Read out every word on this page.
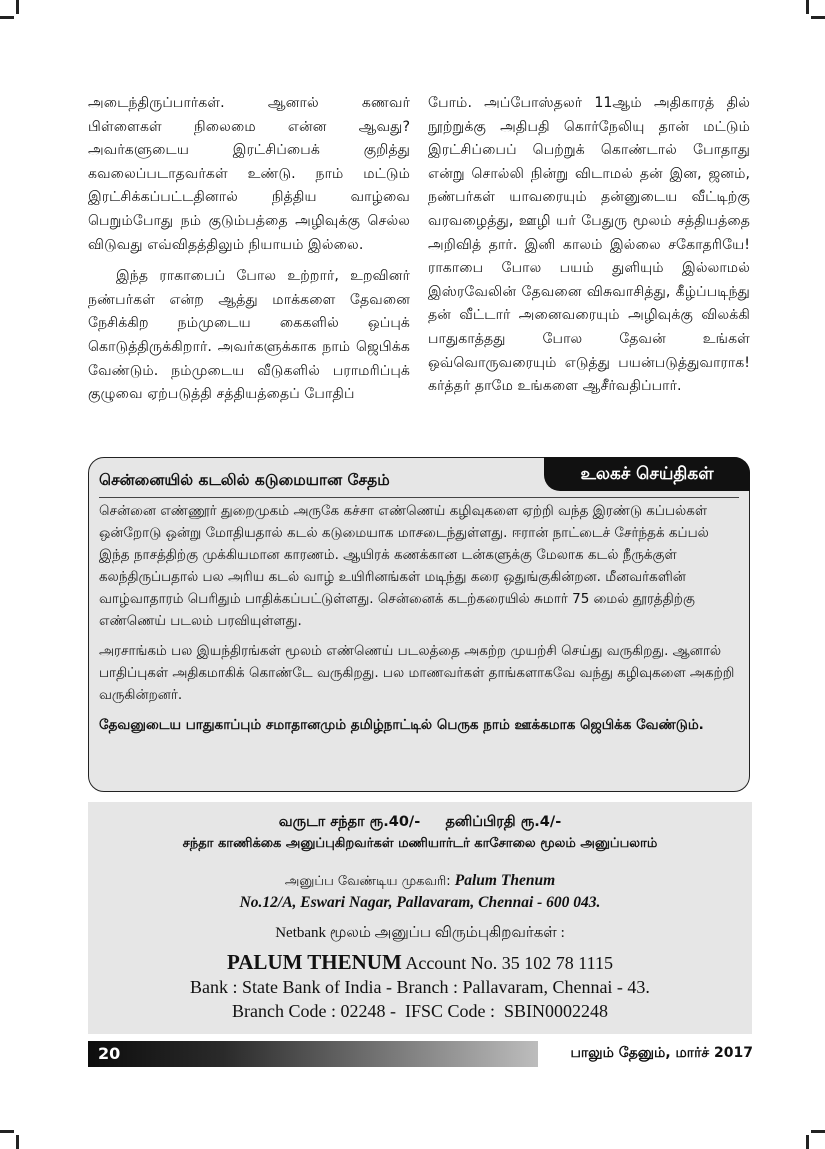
அடைந்திருப்பார்கள். ஆனால் கணவர் பிள்ளைகள் நிலைமை என்ன ஆவது? அவர்களுடைய இரட்சிப்பைக் குறித்து கவலைப்படாதவர்கள் உண்டு. நாம் மட்டும் இரட்சிக்கப்பட்டதினால் நித்திய வாழ்வை பெறும்போது நம் குடும்பத்தை அழிவுக்கு செல்ல விடுவது எவ்விதத்திலும் நியாயம் இல்லை.

இந்த ராகாபைப் போல உற்றார், உறவினர் நண்பர்கள் என்ற ஆத்து மாக்களை தேவனை நேசிக்கிற நம்முடைய கைகளில் ஒப்புக் கொடுத்திருக்கிறார். அவர்களுக்காக நாம் ஜெபிக்க வேண்டும். நம்முடைய வீடுகளில் பராமரிப்புக் குழுவை ஏற்படுத்தி சத்தியத்தைப் போதிப்

போம். அப்போஸ்தலர் 11ஆம் அதிகாரத் தில் நூற்றுக்கு அதிபதி கொர்நேலியு தான் மட்டும் இரட்சிப்பைப் பெற்றுக் கொண்டால் போதாது என்று சொல்லி நின்று விடாமல் தன் இன, ஜனம், நண்பர்கள் யாவரையும் தன்னுடைய வீட்டிற்கு வரவழைத்து, ஊழி யர் பேதுரு மூலம் சத்தியத்தை அறிவித் தார். இனி காலம் இல்லை சகோதரியே! ராகாபை போல பயம் துளியும் இல்லாமல் இஸ்ரவேலின் தேவனை விசுவாசித்து, கீழ்ப்படிந்து தன் வீட்டார் அனைவரையும் அழிவுக்கு விலக்கி பாதுகாத்தது போல தேவன் உங்கள் ஒவ்வொருவரையும் எடுத்து பயன்படுத்துவாராக! கர்த்தர் தாமே உங்களை ஆசீர்வதிப்பார்.

சென்னையில் கடலில் கடுமையான சேதம்	உலகச் செய்திகள்

சென்னை எண்ணூர் துறைமுகம் அருகே கச்சா எண்ணெய் கழிவுகளை ஏற்றி வந்த இரண்டு கப்பல்கள் ஒன்றோடு ஒன்று மோதியதால் கடல் கடுமையாக மாசடைந்துள்ளது. ஈரான் நாட்டைச் சேர்ந்தக் கப்பல் இந்த நாசத்திற்கு முக்கியமான காரணம். ஆயிரக் கணக்கான டன்களுக்கு மேலாக கடல் நீருக்குள் கலந்திருப்பதால் பல அரிய கடல் வாழ் உயிரினங்கள் மடிந்து கரை ஒதுங்குகின்றன. மீனவர்களின் வாழ்வாதாரம் பெரிதும் பாதிக்கப்பட்டுள்ளது. சென்னைக் கடற்கரையில் சுமார் 75 மைல் தூரத்திற்கு எண்ணெய் படலம் பரவியுள்ளது.

அரசாங்கம் பல இயந்திரங்கள் மூலம் எண்ணெய் படலத்தை அகற்ற முயற்சி செய்து வருகிறது. ஆனால் பாதிப்புகள் அதிகமாகிக் கொண்டே வருகிறது. பல மாணவர்கள் தாங்களாகவே வந்து கழிவுகளை அகற்றி வருகின்றனர்.

தேவனுடைய பாதுகாப்பும் சமாதானமும் தமிழ்நாட்டில் பெருக நாம் ஊக்கமாக ஜெபிக்க வேண்டும்.

வருடா சந்தா ரூ.40/-     தனிப்பிரதி ரூ.4/-
சந்தா காணிக்கை அனுப்புகிறவர்கள் மணியார்டர் காசோலை மூலம் அனுப்பலாம்
அனுப்ப வேண்டிய முகவரி: Palum Thenum
No.12/A, Eswari Nagar, Pallavaram, Chennai - 600 043.
Netbank மூலம் அனுப்ப விரும்புகிறவர்கள் :
PALUM THENUM Account No. 35 102 78 1115
Bank : State Bank of India - Branch : Pallavaram, Chennai - 43.
Branch Code : 02248 -  IFSC Code :  SBIN0002248
20	பாலும் தேனும், மார்ச் 2017
